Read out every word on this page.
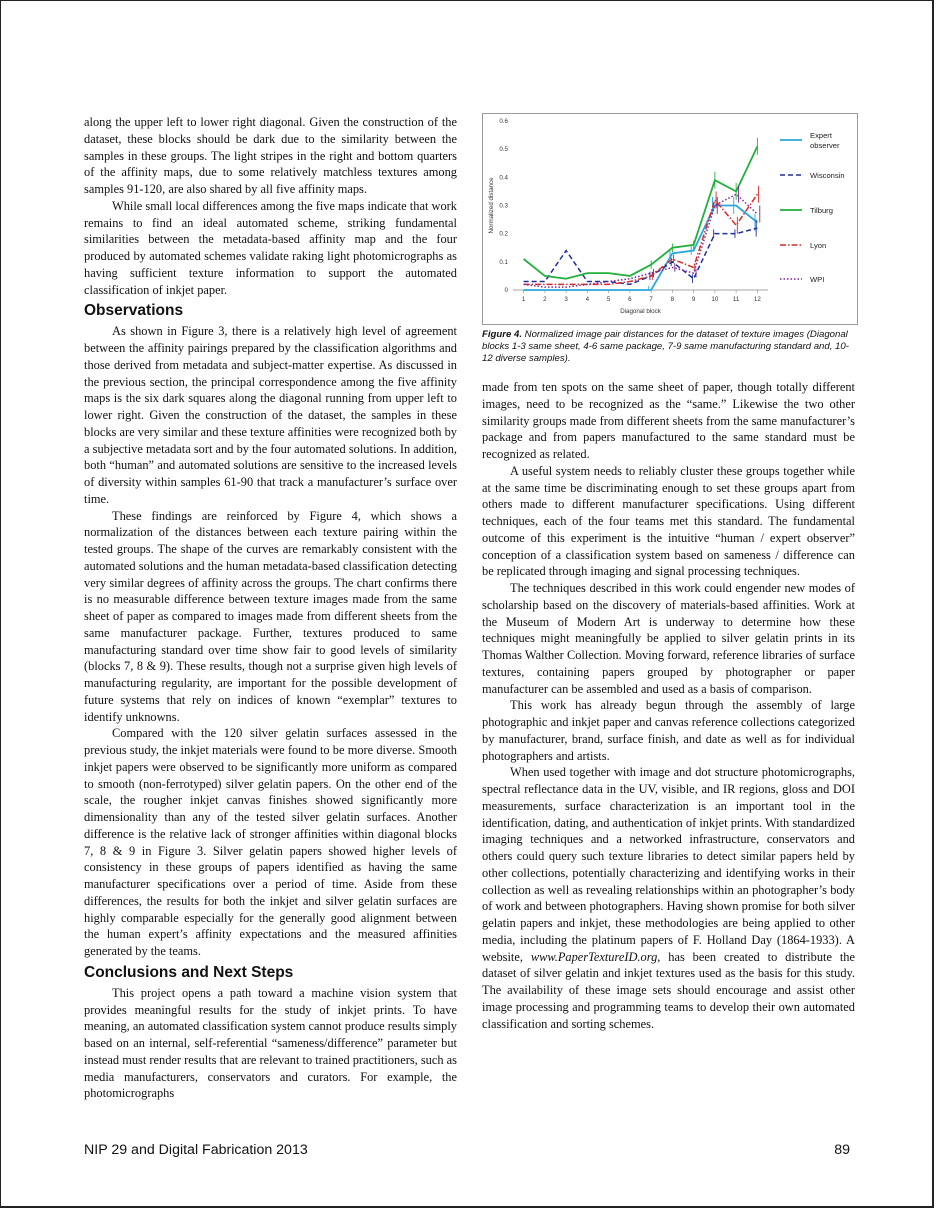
along the upper left to lower right diagonal. Given the construction of the dataset, these blocks should be dark due to the similarity between the samples in these groups. The light stripes in the right and bottom quarters of the affinity maps, due to some relatively matchless textures among samples 91-120, are also shared by all five affinity maps.

While small local differences among the five maps indicate that work remains to find an ideal automated scheme, striking fundamental similarities between the metadata-based affinity map and the four produced by automated schemes validate raking light photomicrographs as having sufficient texture information to support the automated classification of inkjet paper.

Observations

As shown in Figure 3, there is a relatively high level of agreement between the affinity pairings prepared by the classification algorithms and those derived from metadata and subject-matter expertise. As discussed in the previous section, the principal correspondence among the five affinity maps is the six dark squares along the diagonal running from upper left to lower right. Given the construction of the dataset, the samples in these blocks are very similar and these texture affinities were recognized both by a subjective metadata sort and by the four automated solutions. In addition, both “human” and automated solutions are sensitive to the increased levels of diversity within samples 61-90 that track a manufacturer’s surface over time.

These findings are reinforced by Figure 4, which shows a normalization of the distances between each texture pairing within the tested groups. The shape of the curves are remarkably consistent with the automated solutions and the human metadata-based classification detecting very similar degrees of affinity across the groups. The chart confirms there is no measurable difference between texture images made from the same sheet of paper as compared to images made from different sheets from the same manufacturer package. Further, textures produced to same manufacturing standard over time show fair to good levels of similarity (blocks 7, 8 & 9). These results, though not a surprise given high levels of manufacturing regularity, are important for the possible development of future systems that rely on indices of known “exemplar” textures to identify unknowns.

Compared with the 120 silver gelatin surfaces assessed in the previous study, the inkjet materials were found to be more diverse. Smooth inkjet papers were observed to be significantly more uniform as compared to smooth (non-ferrotyped) silver gelatin papers. On the other end of the scale, the rougher inkjet canvas finishes showed significantly more dimensionality than any of the tested silver gelatin surfaces. Another difference is the relative lack of stronger affinities within diagonal blocks 7, 8 & 9 in Figure 3. Silver gelatin papers showed higher levels of consistency in these groups of papers identified as having the same manufacturer specifications over a period of time. Aside from these differences, the results for both the inkjet and silver gelatin surfaces are highly comparable especially for the generally good alignment between the human expert’s affinity expectations and the measured affinities generated by the teams.

Conclusions and Next Steps

This project opens a path toward a machine vision system that provides meaningful results for the study of inkjet prints. To have meaning, an automated classification system cannot produce results simply based on an internal, self-referential “sameness/difference” parameter but instead must render results that are relevant to trained practitioners, such as media manufacturers, conservators and curators. For example, the photomicrographs

0
0.1
0.2
0.3
0.4
0.5
0.6
1	2	3	4	5	6	7	8	9	10 11 12
Diagonal block
Normalized distance
Expert
observer
Wisconsin
Tilburg
Lyon
WPI
Figure 4. Normalized image pair distances for the dataset of texture images (Diagonal blocks 1-3 same sheet, 4-6 same package, 7-9 same manufacturing standard and, 10-12 diverse samples).

made from ten spots on the same sheet of paper, though totally different images, need to be recognized as the “same.” Likewise the two other similarity groups made from different sheets from the same manufacturer’s package and from papers manufactured to the same standard must be recognized as related.

A useful system needs to reliably cluster these groups together while at the same time be discriminating enough to set these groups apart from others made to different manufacturer specifications. Using different techniques, each of the four teams met this standard. The fundamental outcome of this experiment is the intuitive “human / expert observer” conception of a classification system based on sameness / difference can be replicated through imaging and signal processing techniques.

The techniques described in this work could engender new modes of scholarship based on the discovery of materials-based affinities. Work at the Museum of Modern Art is underway to determine how these techniques might meaningfully be applied to silver gelatin prints in its Thomas Walther Collection. Moving forward, reference libraries of surface textures, containing papers grouped by photographer or paper manufacturer can be assembled and used as a basis of comparison.

This work has already begun through the assembly of large photographic and inkjet paper and canvas reference collections categorized by manufacturer, brand, surface finish, and date as well as for individual photographers and artists.

When used together with image and dot structure photomicrographs, spectral reflectance data in the UV, visible, and IR regions, gloss and DOI measurements, surface characterization is an important tool in the identification, dating, and authentication of inkjet prints. With standardized imaging techniques and a networked infrastructure, conservators and others could query such texture libraries to detect similar papers held by other collections, potentially characterizing and identifying works in their collection as well as revealing relationships within an photographer’s body of work and between photographers. Having shown promise for both silver gelatin papers and inkjet, these methodologies are being applied to other media, including the platinum papers of F. Holland Day (1864-1933). A website, www.PaperTextureID.org, has been created to distribute the dataset of silver gelatin and inkjet textures used as the basis for this study. The availability of these image sets should encourage and assist other image processing and programming teams to develop their own automated classification and sorting schemes.

NIP 29 and Digital Fabrication 2013	89
